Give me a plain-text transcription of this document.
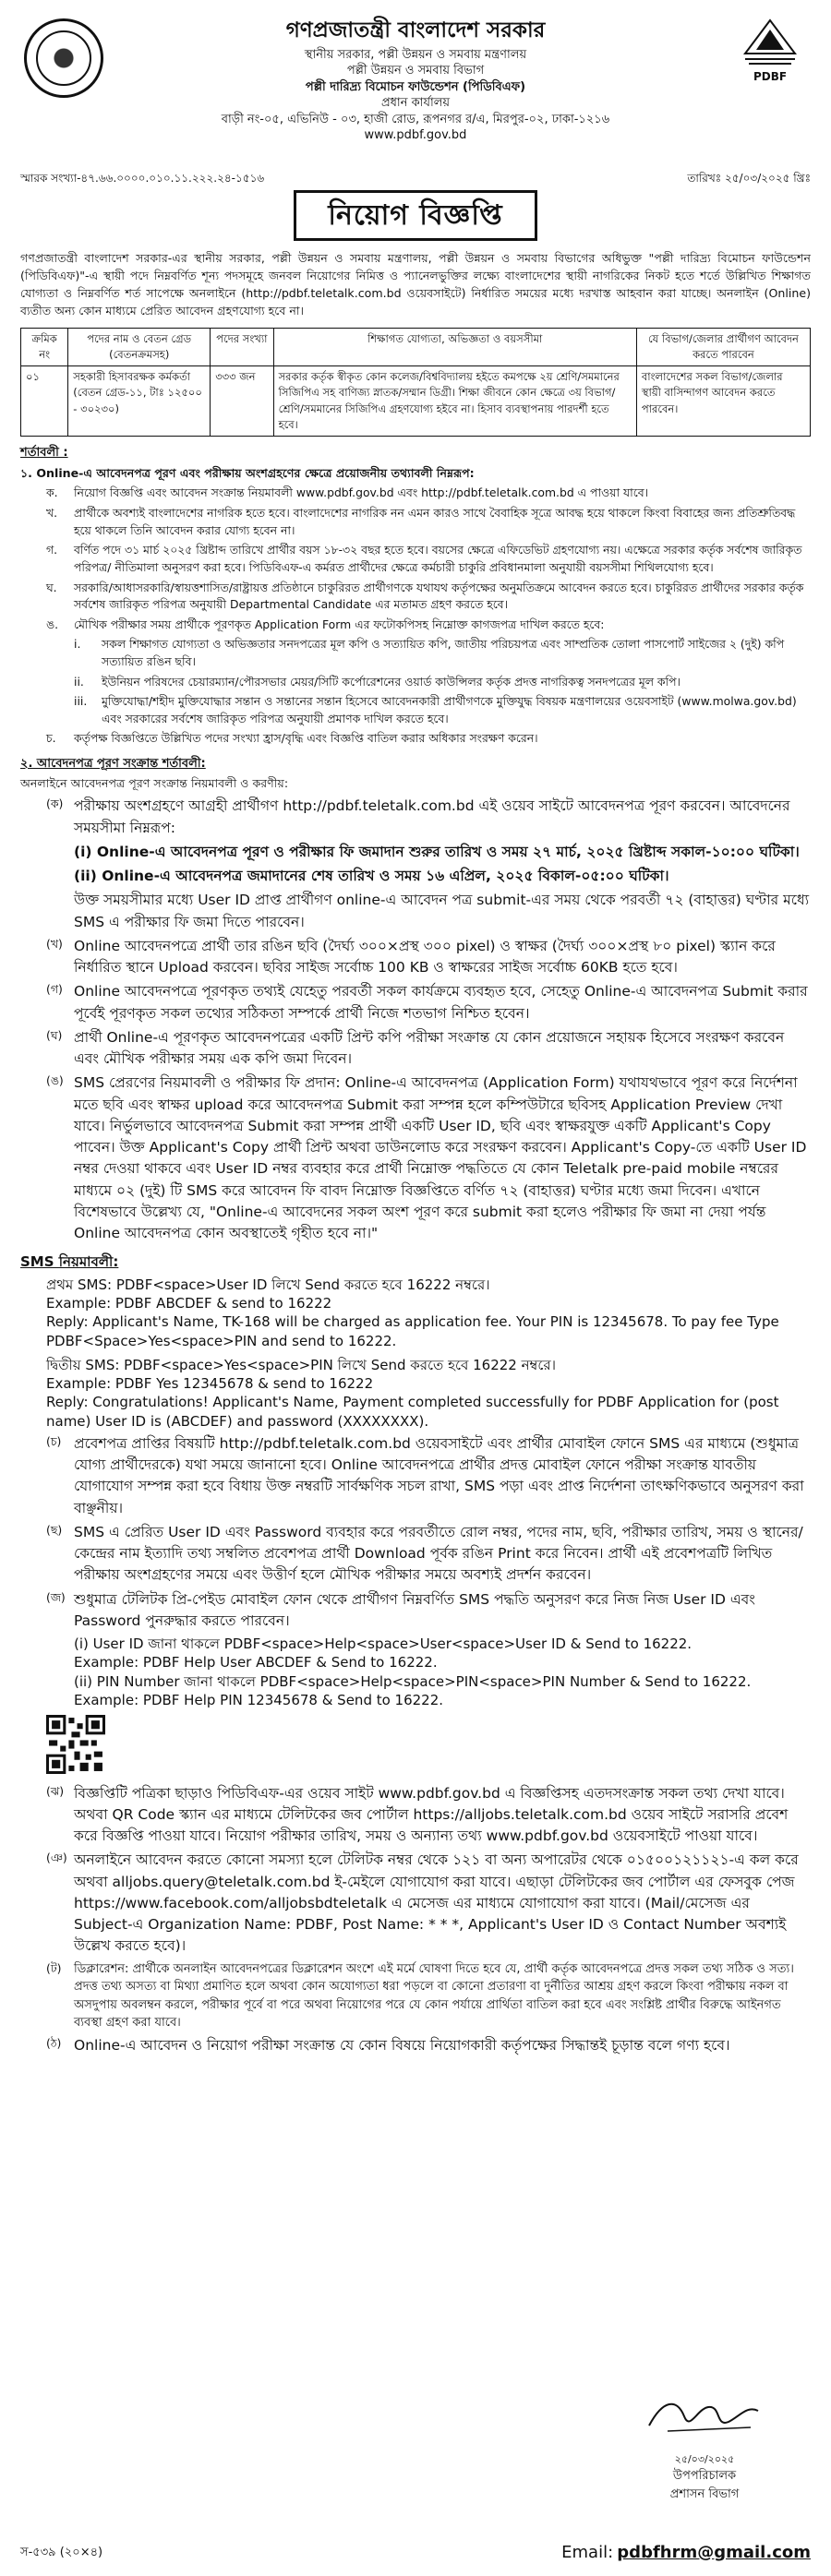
PDBF
গণপ্রজাতন্ত্রী বাংলাদেশ সরকার
স্থানীয় সরকার, পল্লী উন্নয়ন ও সমবায় মন্ত্রণালয়
পল্লী উন্নয়ন ও সমবায় বিভাগ
পল্লী দারিদ্র্য বিমোচন ফাউন্ডেশন (পিডিবিএফ)
প্রধান কার্যালয়
বাড়ী নং-০৫, এভিনিউ - ০৩, হাজী রোড, রূপনগর র/এ, মিরপুর-০২, ঢাকা-১২১৬
www.pdbf.gov.bd
স্মারক সংখ্যা-৪৭.৬৬.০০০০.০১০.১১.২২২.২৪-১৫১৬	তারিখঃ ২৫/০৩/২০২৫ খ্রিঃ
নিয়োগ বিজ্ঞপ্তি
গণপ্রজাতন্ত্রী বাংলাদেশ সরকার-এর স্থানীয় সরকার, পল্লী উন্নয়ন ও সমবায় মন্ত্রণালয়, পল্লী উন্নয়ন ও সমবায় বিভাগের অধিভুক্ত "পল্লী দারিদ্র্য বিমোচন ফাউন্ডেশন (পিডিবিএফ)"-এ স্থায়ী পদে নিম্নবর্ণিত শূন্য পদসমূহে জনবল নিয়োগের নিমিত্ত ও প্যানেলভুক্তির লক্ষ্যে বাংলাদেশের স্থায়ী নাগরিকের নিকট হতে শর্তে উল্লিখিত শিক্ষাগত যোগ্যতা ও নিম্নবর্ণিত শর্ত সাপেক্ষে অনলাইনে (http://pdbf.teletalk.com.bd ওয়েবসাইটে) নির্ধারিত সময়ের মধ্যে দরখাস্ত আহবান করা যাচ্ছে। অনলাইন (Online) ব্যতীত অন্য কোন মাধ্যমে প্রেরিত আবেদন গ্রহণযোগ্য হবে না।
ক্রমিক নং	পদের নাম ও বেতন গ্রেড (বেতনক্রমসহ)	পদের সংখ্যা	শিক্ষাগত যোগ্যতা, অভিজ্ঞতা ও বয়সসীমা	যে বিভাগ/জেলার প্রার্থীগণ আবেদন করতে পারবেন
০১	সহকারী হিসাবরক্ষক কর্মকর্তা (বেতন গ্রেড-১১, টাঃ ১২৫০০ - ৩০২৩০)	৩৩৩ জন	সরকার কর্তৃক স্বীকৃত কোন কলেজ/বিশ্ববিদ্যালয় হইতে কমপক্ষে ২য় শ্রেণি/সমমানের সিজিপিএ সহ বাণিজ্য স্নাতক/সম্মান ডিগ্রী। শিক্ষা জীবনে কোন ক্ষেত্রে ৩য় বিভাগ/শ্রেণি/সমমানের সিজিপিএ গ্রহণযোগ্য হইবে না। হিসাব ব্যবস্থাপনায় পারদর্শী হতে হবে।	বাংলাদেশের সকল বিভাগ/জেলার স্থায়ী বাসিন্দাগণ আবেদন করতে পারবেন।
শর্তাবলী :
১. Online-এ আবেদনপত্র পূরণ এবং পরীক্ষায় অংশগ্রহণের ক্ষেত্রে প্রয়োজনীয় তথ্যাবলী নিম্নরূপ:
ক.	নিয়োগ বিজ্ঞপ্তি এবং আবেদন সংক্রান্ত নিয়মাবলী www.pdbf.gov.bd এবং http://pdbf.teletalk.com.bd এ পাওয়া যাবে।
খ.	প্রার্থীকে অবশ্যই বাংলাদেশের নাগরিক হতে হবে। বাংলাদেশের নাগরিক নন এমন কারও সাথে বৈবাহিক সূত্রে আবদ্ধ হয়ে থাকলে কিংবা বিবাহের জন্য প্রতিশ্রুতিবদ্ধ হয়ে থাকলে তিনি আবেদন করার যোগ্য হবেন না।
গ.	বর্ণিত পদে ৩১ মার্চ ২০২৫ খ্রিষ্টাব্দ তারিখে প্রার্থীর বয়স ১৮-৩২ বছর হতে হবে। বয়সের ক্ষেত্রে এফিডেভিট গ্রহণযোগ্য নয়। এক্ষেত্রে সরকার কর্তৃক সর্বশেষ জারিকৃত পরিপত্র/ নীতিমালা অনুসরণ করা হবে। পিডিবিএফ-এ কর্মরত প্রার্থীদের ক্ষেত্রে কর্মচারী চাকুরি প্রবিধানমালা অনুযায়ী বয়সসীমা শিথিলযোগ্য হবে।
ঘ.	সরকারি/আধাসরকারি/স্বায়ত্তশাসিত/রাষ্ট্রায়ত্ত প্রতিষ্ঠানে চাকুরিরত প্রার্থীগণকে যথাযথ কর্তৃপক্ষের অনুমতিক্রমে আবেদন করতে হবে। চাকুরিরত প্রার্থীদের সরকার কর্তৃক সর্বশেষ জারিকৃত পরিপত্র অনুযায়ী Departmental Candidate এর মতামত গ্রহণ করতে হবে।
ঙ.	মৌখিক পরীক্ষার সময় প্রার্থীকে পূরণকৃত Application Form এর ফটোকপিসহ নিম্নোক্ত কাগজপত্র দাখিল করতে হবে:
i.	সকল শিক্ষাগত যোগ্যতা ও অভিজ্ঞতার সনদপত্রের মূল কপি ও সত্যায়িত কপি, জাতীয় পরিচয়পত্র এবং সাম্প্রতিক তোলা পাসপোর্ট সাইজের ২ (দুই) কপি সত্যায়িত রঙিন ছবি।
ii.	ইউনিয়ন পরিষদের চেয়ারম্যান/পৌরসভার মেয়র/সিটি কর্পোরেশনের ওয়ার্ড কাউন্সিলর কর্তৃক প্রদত্ত নাগরিকত্ব সনদপত্রের মূল কপি।
iii.	মুক্তিযোদ্ধা/শহীদ মুক্তিযোদ্ধার সন্তান ও সন্তানের সন্তান হিসেবে আবেদনকারী প্রার্থীগণকে মুক্তিযুদ্ধ বিষয়ক মন্ত্রণালয়ের ওয়েবসাইট (www.molwa.gov.bd) এবং সরকারের সর্বশেষ জারিকৃত পরিপত্র অনুযায়ী প্রমাণক দাখিল করতে হবে।
চ.	কর্তৃপক্ষ বিজ্ঞপ্তিতে উল্লিখিত পদের সংখ্যা হ্রাস/বৃদ্ধি এবং বিজ্ঞপ্তি বাতিল করার অধিকার সংরক্ষণ করেন।
২. আবেদনপত্র পূরণ সংক্রান্ত শর্তাবলী:
অনলাইনে আবেদনপত্র পূরণ সংক্রান্ত নিয়মাবলী ও করণীয়:
(ক) পরীক্ষায় অংশগ্রহণে আগ্রহী প্রার্থীগণ http://pdbf.teletalk.com.bd এই ওয়েব সাইটে আবেদনপত্র পূরণ করবেন। আবেদনের সময়সীমা নিম্নরূপ:
(i) Online-এ আবেদনপত্র পূরণ ও পরীক্ষার ফি জমাদান শুরুর তারিখ ও সময় ২৭ মার্চ, ২০২৫ খ্রিষ্টাব্দ সকাল-১০:০০ ঘটিকা।
(ii) Online-এ আবেদনপত্র জমাদানের শেষ তারিখ ও সময় ১৬ এপ্রিল, ২০২৫ বিকাল-০৫:০০ ঘটিকা।
উক্ত সময়সীমার মধ্যে User ID প্রাপ্ত প্রার্থীগণ online-এ আবেদন পত্র submit-এর সময় থেকে পরবর্তী ৭২ (বাহাত্তর) ঘণ্টার মধ্যে SMS এ পরীক্ষার ফি জমা দিতে পারবেন।
(খ) Online আবেদনপত্রে প্রার্থী তার রঙিন ছবি (দৈর্ঘ্য ৩০০×প্রস্থ ৩০০ pixel) ও স্বাক্ষর (দৈর্ঘ্য ৩০০×প্রস্থ ৮০ pixel) স্ক্যান করে নির্ধারিত স্থানে Upload করবেন। ছবির সাইজ সর্বোচ্চ 100 KB ও স্বাক্ষরের সাইজ সর্বোচ্চ 60KB হতে হবে।
(গ) Online আবেদনপত্রে পূরণকৃত তথ্যই যেহেতু পরবর্তী সকল কার্যক্রমে ব্যবহৃত হবে, সেহেতু Online-এ আবেদনপত্র Submit করার পূর্বেই পূরণকৃত সকল তথ্যের সঠিকতা সম্পর্কে প্রার্থী নিজে শতভাগ নিশ্চিত হবেন।
(ঘ) প্রার্থী Online-এ পূরণকৃত আবেদনপত্রের একটি প্রিন্ট কপি পরীক্ষা সংক্রান্ত যে কোন প্রয়োজনে সহায়ক হিসেবে সংরক্ষণ করবেন এবং মৌখিক পরীক্ষার সময় এক কপি জমা দিবেন।
(ঙ) SMS প্রেরণের নিয়মাবলী ও পরীক্ষার ফি প্রদান: Online-এ আবেদনপত্র (Application Form) যথাযথভাবে পূরণ করে নির্দেশনা মতে ছবি এবং স্বাক্ষর upload করে আবেদনপত্র Submit করা সম্পন্ন হলে কম্পিউটারে ছবিসহ Application Preview দেখা যাবে। নির্ভুলভাবে আবেদনপত্র Submit করা সম্পন্ন প্রার্থী একটি User ID, ছবি এবং স্বাক্ষরযুক্ত একটি Applicant's Copy পাবেন। উক্ত Applicant's Copy প্রার্থী প্রিন্ট অথবা ডাউনলোড করে সংরক্ষণ করবেন। Applicant's Copy-তে একটি User ID নম্বর দেওয়া থাকবে এবং User ID নম্বর ব্যবহার করে প্রার্থী নিম্নোক্ত পদ্ধতিতে যে কোন Teletalk pre-paid mobile নম্বরের মাধ্যমে ০২ (দুই) টি SMS করে আবেদন ফি বাবদ নিম্নোক্ত বিজ্ঞপ্তিতে বর্ণিত ৭২ (বাহাত্তর) ঘণ্টার মধ্যে জমা দিবেন। এখানে বিশেষভাবে উল্লেখ্য যে, "Online-এ আবেদনের সকল অংশ পূরণ করে submit করা হলেও পরীক্ষার ফি জমা না দেয়া পর্যন্ত Online আবেদনপত্র কোন অবস্থাতেই গৃহীত হবে না।"
SMS নিয়মাবলী:
প্রথম SMS: PDBF<space>User ID লিখে Send করতে হবে 16222 নম্বরে।
Example: PDBF ABCDEF & send to 16222
Reply: Applicant's Name, TK-168 will be charged as application fee. Your PIN is 12345678. To pay fee Type PDBF<Space>Yes<space>PIN and send to 16222.
দ্বিতীয় SMS: PDBF<space>Yes<space>PIN লিখে Send করতে হবে 16222 নম্বরে।
Example: PDBF Yes 12345678 & send to 16222
Reply: Congratulations! Applicant's Name, Payment completed successfully for PDBF Application for (post name) User ID is (ABCDEF) and password (XXXXXXXX).
(চ) প্রবেশপত্র প্রাপ্তির বিষয়টি http://pdbf.teletalk.com.bd ওয়েবসাইটে এবং প্রার্থীর মোবাইল ফোনে SMS এর মাধ্যমে (শুধুমাত্র যোগ্য প্রার্থীদেরকে) যথা সময়ে জানানো হবে। Online আবেদনপত্রে প্রার্থীর প্রদত্ত মোবাইল ফোনে পরীক্ষা সংক্রান্ত যাবতীয় যোগাযোগ সম্পন্ন করা হবে বিধায় উক্ত নম্বরটি সার্বক্ষণিক সচল রাখা, SMS পড়া এবং প্রাপ্ত নির্দেশনা তাৎক্ষণিকভাবে অনুসরণ করা বাঞ্ছনীয়।
(ছ) SMS এ প্রেরিত User ID এবং Password ব্যবহার করে পরবর্তীতে রোল নম্বর, পদের নাম, ছবি, পরীক্ষার তারিখ, সময় ও স্থানের/কেন্দ্রের নাম ইত্যাদি তথ্য সম্বলিত প্রবেশপত্র প্রার্থী Download পূর্বক রঙিন Print করে নিবেন। প্রার্থী এই প্রবেশপত্রটি লিখিত পরীক্ষায় অংশগ্রহণের সময়ে এবং উত্তীর্ণ হলে মৌখিক পরীক্ষার সময়ে অবশ্যই প্রদর্শন করবেন।
(জ) শুধুমাত্র টেলিটক প্রি-পেইড মোবাইল ফোন থেকে প্রার্থীগণ নিম্নবর্ণিত SMS পদ্ধতি অনুসরণ করে নিজ নিজ User ID এবং Password পুনরুদ্ধার করতে পারবেন।
(i) User ID জানা থাকলে PDBF<space>Help<space>User<space>User ID & Send to 16222.
Example: PDBF Help User ABCDEF & Send to 16222.
(ii) PIN Number জানা থাকলে PDBF<space>Help<space>PIN<space>PIN Number & Send to 16222.
Example: PDBF Help PIN 12345678 & Send to 16222.
(ঝ) বিজ্ঞপ্তিটি পত্রিকা ছাড়াও পিডিবিএফ-এর ওয়েব সাইট www.pdbf.gov.bd এ বিজ্ঞপ্তিসহ এতদসংক্রান্ত সকল তথ্য দেখা যাবে। অথবা QR Code স্ক্যান এর মাধ্যমে টেলিটকের জব পোর্টাল https://alljobs.teletalk.com.bd ওয়েব সাইটে সরাসরি প্রবেশ করে বিজ্ঞপ্তি পাওয়া যাবে। নিয়োগ পরীক্ষার তারিখ, সময় ও অন্যান্য তথ্য www.pdbf.gov.bd ওয়েবসাইটে পাওয়া যাবে।
(ঞ) অনলাইনে আবেদন করতে কোনো সমস্যা হলে টেলিটক নম্বর থেকে ১২১ বা অন্য অপারেটর থেকে ০১৫০০১২১১২১-এ কল করে অথবা alljobs.query@teletalk.com.bd ই-মেইলে যোগাযোগ করা যাবে। এছাড়া টেলিটকের জব পোর্টাল এর ফেসবুক পেজ https://www.facebook.com/alljobsbdteletalk এ মেসেজ এর মাধ্যমে যোগাযোগ করা যাবে। (Mail/মেসেজ এর Subject-এ Organization Name: PDBF, Post Name: * * *, Applicant's User ID ও Contact Number অবশ্যই উল্লেখ করতে হবে)।
(ট)	ডিক্লারেশন: প্রার্থীকে অনলাইন আবেদনপত্রের ডিক্লারেশন অংশে এই মর্মে ঘোষণা দিতে হবে যে, প্রার্থী কর্তৃক আবেদনপত্রে প্রদত্ত সকল তথ্য সঠিক ও সত্য। প্রদত্ত তথ্য অসত্য বা মিথ্যা প্রমাণিত হলে অথবা কোন অযোগ্যতা ধরা পড়লে বা কোনো প্রতারণা বা দুর্নীতির আশ্রয় গ্রহণ করলে কিংবা পরীক্ষায় নকল বা অসদুপায় অবলম্বন করলে, পরীক্ষার পূর্বে বা পরে অথবা নিয়োগের পরে যে কোন পর্যায়ে প্রার্থিতা বাতিল করা হবে এবং সংশ্লিষ্ট প্রার্থীর বিরুদ্ধে আইনগত ব্যবস্থা গ্রহণ করা যাবে।
(ঠ) Online-এ আবেদন ও নিয়োগ পরীক্ষা সংক্রান্ত যে কোন বিষয়ে নিয়োগকারী কর্তৃপক্ষের সিদ্ধান্তই চূড়ান্ত বলে গণ্য হবে।
২৫/০৩/২০২৫
উপপরিচালক
প্রশাসন বিভাগ
স-৫৩৯ (২০×৪)	Email: pdbfhrm@gmail.com
